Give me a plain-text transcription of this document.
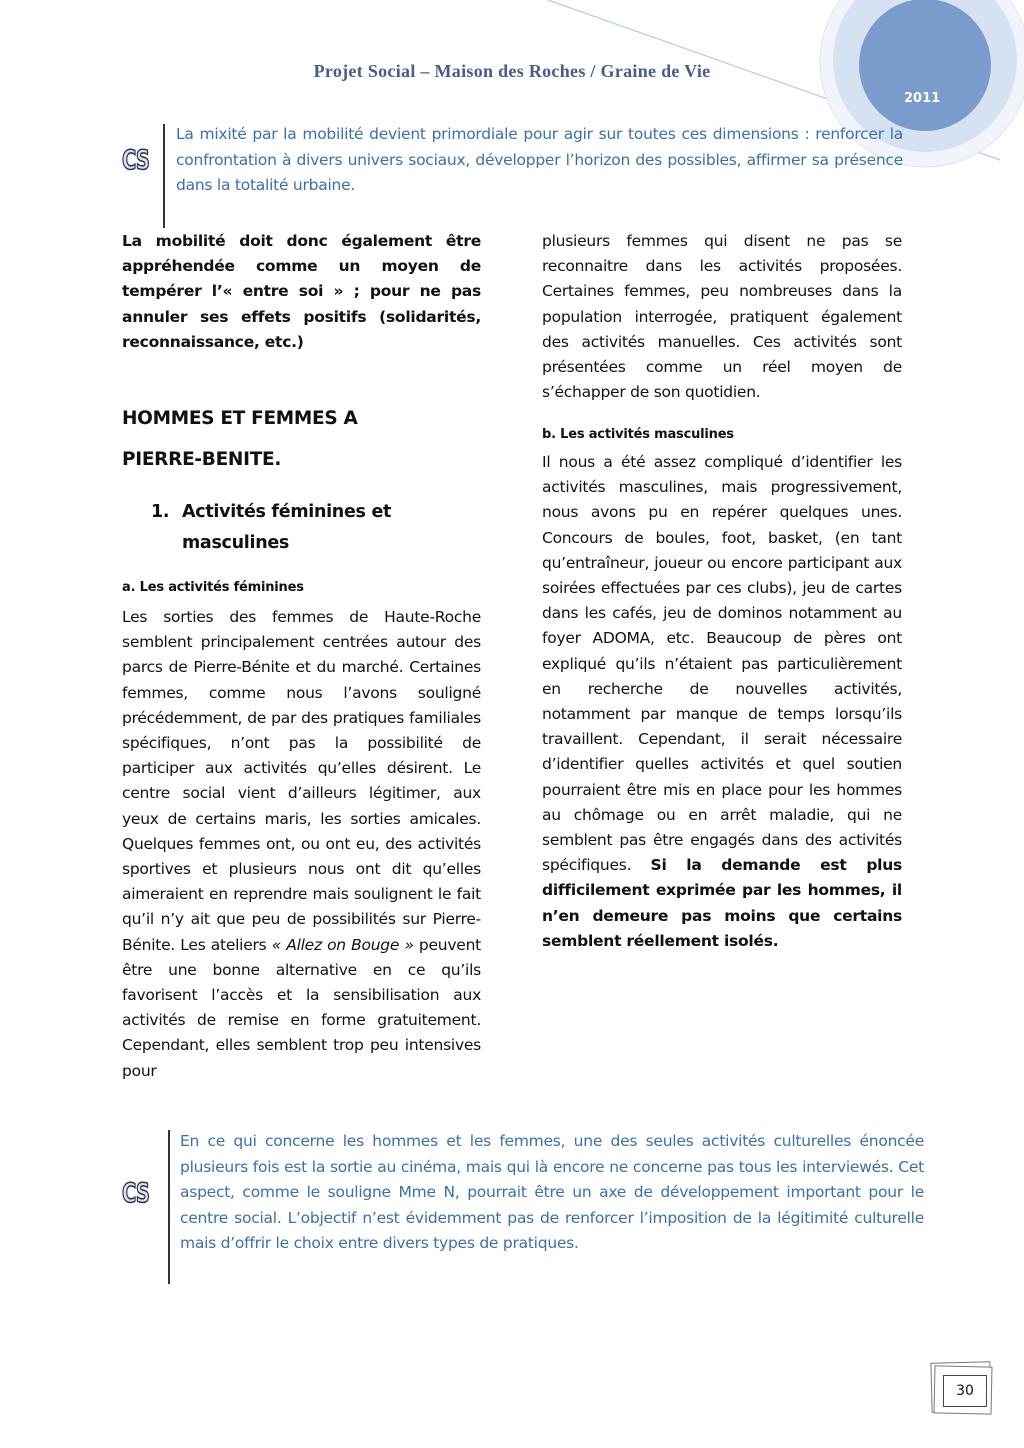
Projet Social – Maison des Roches / Graine de Vie
2011
CS
La mixité par la mobilité devient primordiale pour agir sur toutes ces dimensions : renforcer la confrontation à divers univers sociaux, développer l’horizon des possibles, affirmer sa présence dans la totalité urbaine.
La mobilité doit donc également être appréhendée comme un moyen de tempérer l’« entre soi » ; pour ne pas annuler ses effets positifs (solidarités, reconnaissance, etc.)
HOMMES ET FEMMES A
PIERRE-BENITE.
1. Activités féminines et
masculines
a. Les activités féminines

Les sorties des femmes de Haute-Roche semblent principalement centrées autour des parcs de Pierre-Bénite et du marché. Certaines femmes, comme nous l’avons souligné précédemment, de par des pratiques familiales spécifiques, n’ont pas la possibilité de participer aux activités qu’elles désirent. Le centre social vient d’ailleurs légitimer, aux yeux de certains maris, les sorties amicales. Quelques femmes ont, ou ont eu, des activités sportives et plusieurs nous ont dit qu’elles aimeraient en reprendre mais soulignent le fait qu’il n’y ait que peu de possibilités sur Pierre-Bénite. Les ateliers « Allez on Bouge » peuvent être une bonne alternative en ce qu’ils favorisent l’accès et la sensibilisation aux activités de remise en forme gratuitement. Cependant, elles semblent trop peu intensives pour

plusieurs femmes qui disent ne pas se reconnaitre dans les activités proposées. Certaines femmes, peu nombreuses dans la population interrogée, pratiquent également des activités manuelles. Ces activités sont présentées comme un réel moyen de s’échapper de son quotidien.
b. Les activités masculines

Il nous a été assez compliqué d’identifier les activités masculines, mais progressivement, nous avons pu en repérer quelques unes. Concours de boules, foot, basket, (en tant qu’entraîneur, joueur ou encore participant aux soirées effectuées par ces clubs), jeu de cartes dans les cafés, jeu de dominos notamment au foyer ADOMA, etc. Beaucoup de pères ont expliqué qu’ils n’étaient pas particulièrement en recherche de nouvelles activités, notamment par manque de temps lorsqu’ils travaillent. Cependant, il serait nécessaire d’identifier quelles activités et quel soutien pourraient être mis en place pour les hommes au chômage ou en arrêt maladie, qui ne semblent pas être engagés dans des activités spécifiques. Si la demande est plus difficilement exprimée par les hommes, il n’en demeure pas moins que certains semblent réellement isolés.

CS
En ce qui concerne les hommes et les femmes, une des seules activités culturelles énoncée plusieurs fois est la sortie au cinéma, mais qui là encore ne concerne pas tous les interviewés. Cet aspect, comme le souligne Mme N, pourrait être un axe de développement important pour le centre social. L’objectif n’est évidemment pas de renforcer l’imposition de la légitimité culturelle mais d’offrir le choix entre divers types de pratiques.
30
